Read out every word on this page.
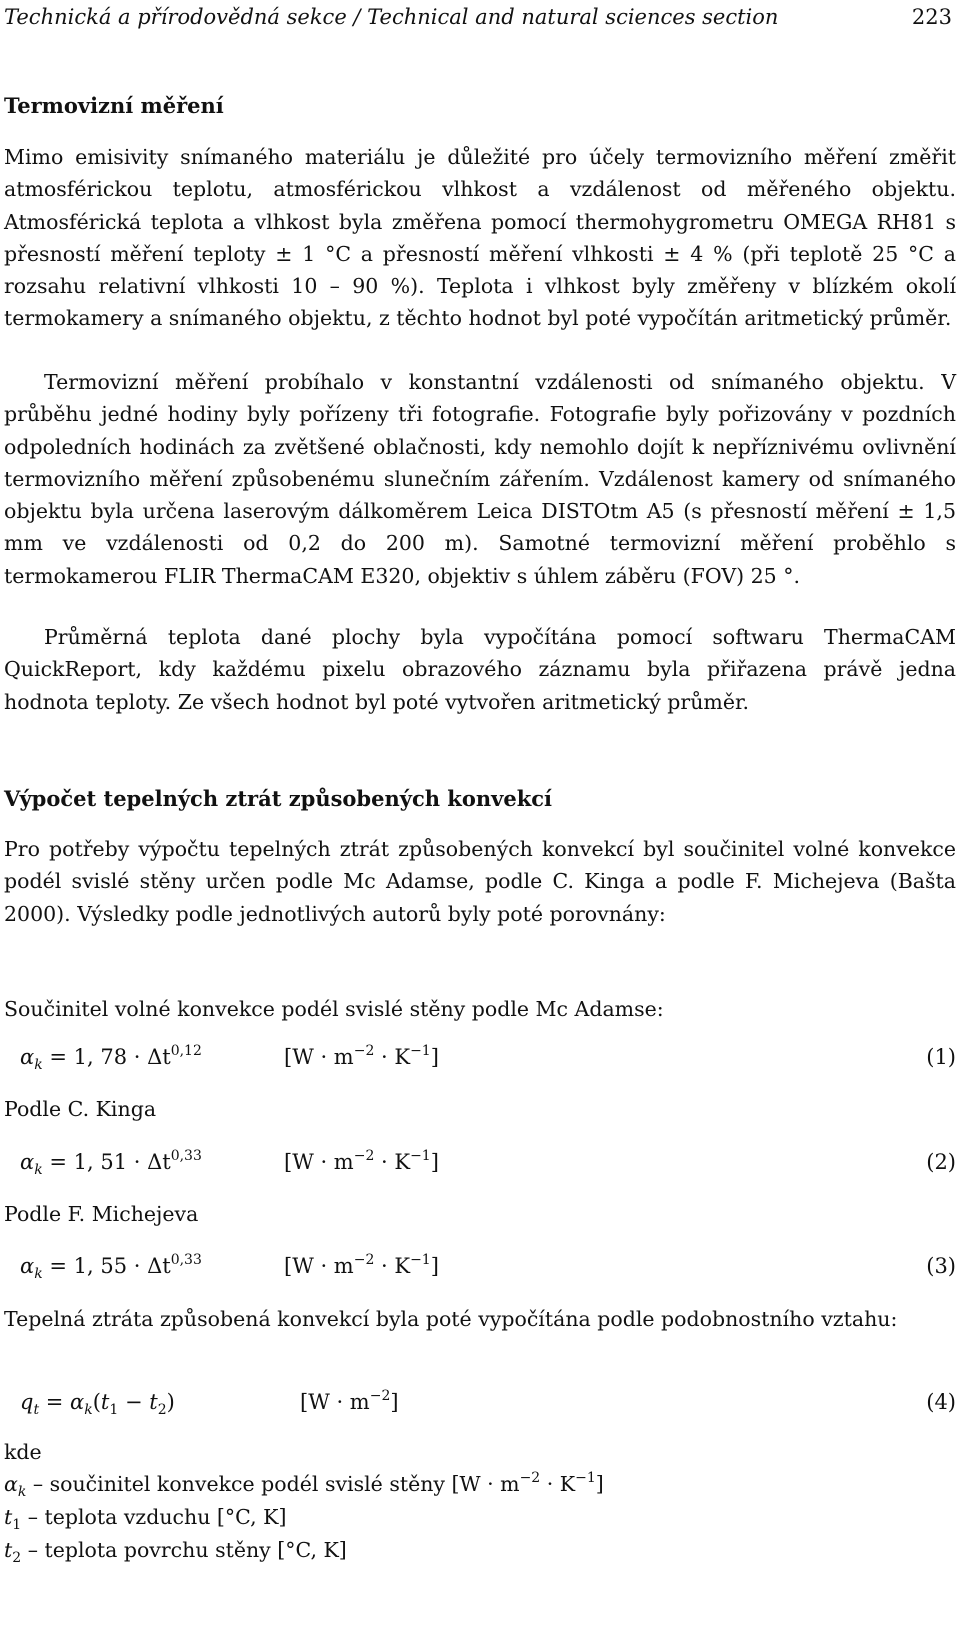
Technická a přírodovědná sekce / Technical and natural sciences section	223
Termovizní měření

Mimo emisivity snímaného materiálu je důležité pro účely termovizního měření změřit atmosférickou teplotu, atmosférickou vlhkost a vzdálenost od měřeného objektu. Atmosférická teplota a vlhkost byla změřena pomocí thermohygrometru OMEGA RH81 s přesností měření teploty ± 1 °C a přesností měření vlhkosti ± 4 % (při teplotě 25 °C a rozsahu relativní vlhkosti 10 – 90 %). Teplota i vlhkost byly změřeny v blízkém okolí termokamery a snímaného objektu, z těchto hodnot byl poté vypočítán aritmetický průměr.

Termovizní měření probíhalo v konstantní vzdálenosti od snímaného objektu. V průběhu jedné hodiny byly pořízeny tři fotografie. Fotografie byly pořizovány v pozdních odpoledních hodinách za zvětšené oblačnosti, kdy nemohlo dojít k nepříznivému ovlivnění termovizního měření způsobenému slunečním zářením. Vzdálenost kamery od snímaného objektu byla určena laserovým dálkoměrem Leica DISTOtm A5 (s přesností měření ± 1,5 mm ve vzdálenosti od 0,2 do 200 m). Samotné termovizní měření proběhlo s termokamerou FLIR ThermaCAM E320, objektiv s úhlem záběru (FOV) 25 °.

Průměrná teplota dané plochy byla vypočítána pomocí softwaru ThermaCAM QuickReport, kdy každému pixelu obrazového záznamu byla přiřazena právě jedna hodnota teploty. Ze všech hodnot byl poté vytvořen aritmetický průměr.

Výpočet tepelných ztrát způsobených konvekcí

Pro potřeby výpočtu tepelných ztrát způsobených konvekcí byl součinitel volné konvekce podél svislé stěny určen podle Mc Adamse, podle C. Kinga a podle F. Michejeva (Bašta 2000). Výsledky podle jednotlivých autorů byly poté porovnány:

Součinitel volné konvekce podél svislé stěny podle Mc Adamse:

$\alpha_k = 1$, 78 · Δt$^{0,12}$	$[W \cdot m^{-2} \cdot K^{-1}]$	(1)

Podle C. Kinga

$\alpha_k = 1$, 51 · Δt$^{0,33}$	$[W \cdot m^{-2} \cdot K^{-1}]$	(2)

Podle F. Michejeva

$\alpha_k = 1$, 55 · Δt$^{0,33}$	$[W \cdot m^{-2} \cdot K^{-1}]$	(3)

Tepelná ztráta způsobená konvekcí byla poté vypočítána podle podobnostního vztahu:

$q_t = \alpha_k(t_1 - t_2)$	$[W \cdot m^{-2}]$	(4)
kde
$\alpha_k$ – součinitel konvekce podél svislé stěny $[W \cdot m^{-2} \cdot K^{-1}]$
$t_1$ – teplota vzduchu [°C, K]
$t_2$ – teplota povrchu stěny [°C, K]
